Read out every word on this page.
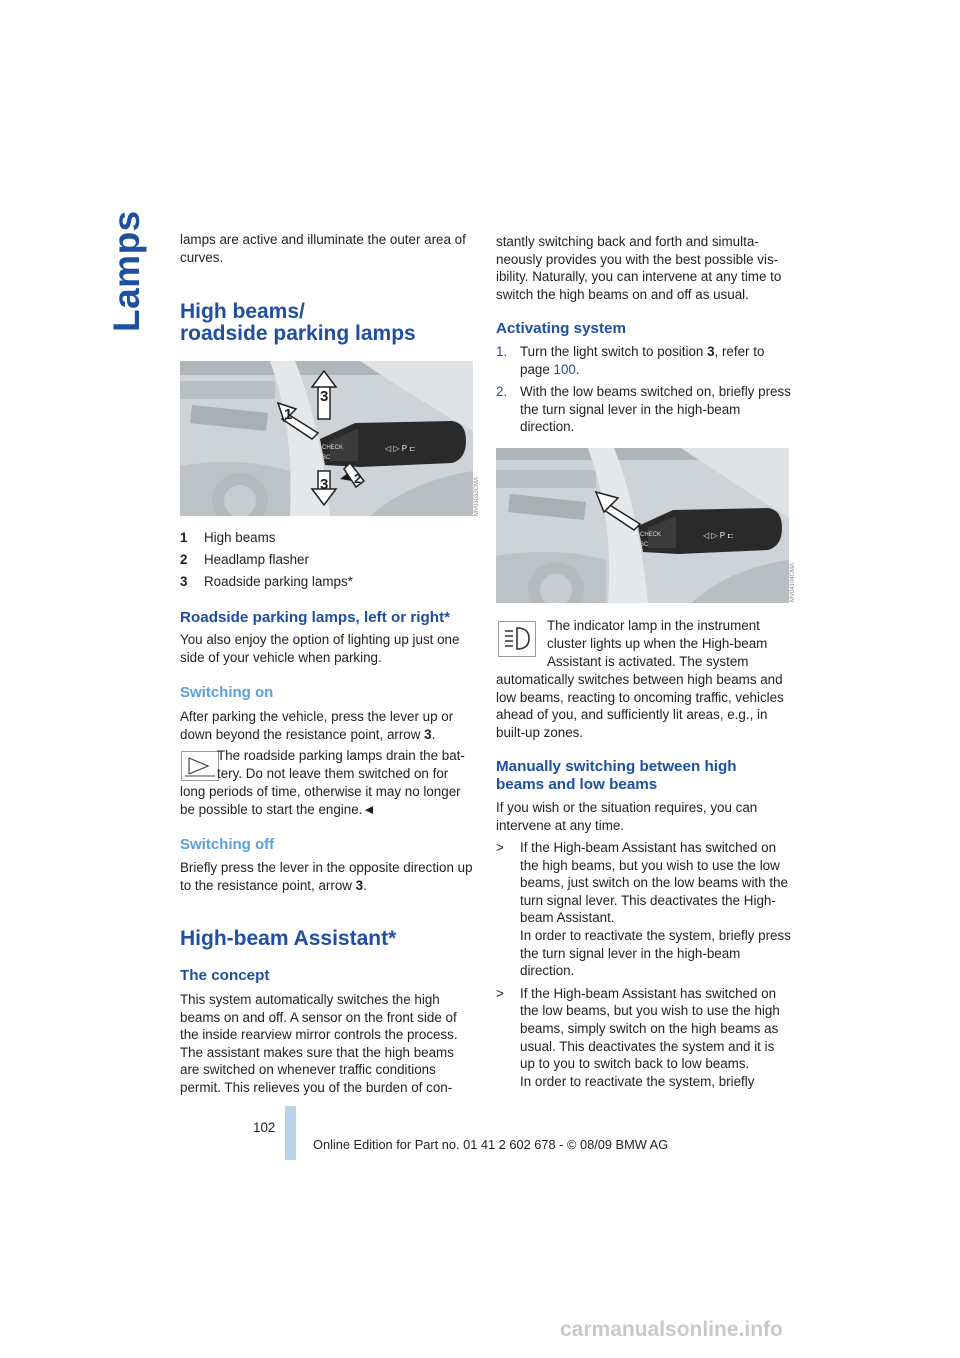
Lamps lamps are active and illuminate the outer area of curves.

High beams/
roadside parking lamps
CHECK
BC
◁ ▷ P ⊏
1
3
3 2	MV03032CMA
1 High beams
2 Headlamp flasher
3 Roadside parking lamps*
Roadside parking lamps, left or right*

You also enjoy the option of lighting up just one side of your vehicle when parking.

Switching on

After parking the vehicle, press the lever up or down beyond the resistance point, arrow 3.

The roadside parking lamps drain the bat-

tery. Do not leave them switched on for

long periods of time, otherwise it may no longer be possible to start the engine.◄

Switching off

Briefly press the lever in the opposite direction up to the resistance point, arrow 3.

High-beam Assistant*
The concept

This system automatically switches the high beams on and off. A sensor on the front side of the inside rearview mirror controls the process. The assistant makes sure that the high beams are switched on whenever traffic conditions permit. This relieves you of the burden of con-

stantly switching back and forth and simultaneously provides you with the best possible visibility. Naturally, you can intervene at any time to switch the high beams on and off as usual.

Activating system

1. Turn the light switch to position 3, refer to page 100.

2. With the low beams switched on, briefly press the turn signal lever in the high-beam direction.

CHECK
BC
◁ ▷ P ⊏
MV04104CMA

The indicator lamp in the instrument

cluster lights up when the High-beam

Assistant is activated. The system

automatically switches between high beams and low beams, reacting to oncoming traffic, vehicles ahead of you, and sufficiently lit areas, e.g., in built-up zones.

Manually switching between high
beams and low beams

If you wish or the situation requires, you can intervene at any time.

> If the High-beam Assistant has switched on the high beams, but you wish to use the low beams, just switch on the low beams with the turn signal lever. This deactivates the High-beam Assistant.
In order to reactivate the system, briefly press the turn signal lever in the high-beam direction.

> If the High-beam Assistant has switched on the low beams, but you wish to use the high beams, simply switch on the high beams as usual. This deactivates the system and it is up to you to switch back to low beams.
In order to reactivate the system, briefly

102
Online Edition for Part no. 01 41 2 602 678 - © 08/09 BMW AG
carmanualsonline.info
